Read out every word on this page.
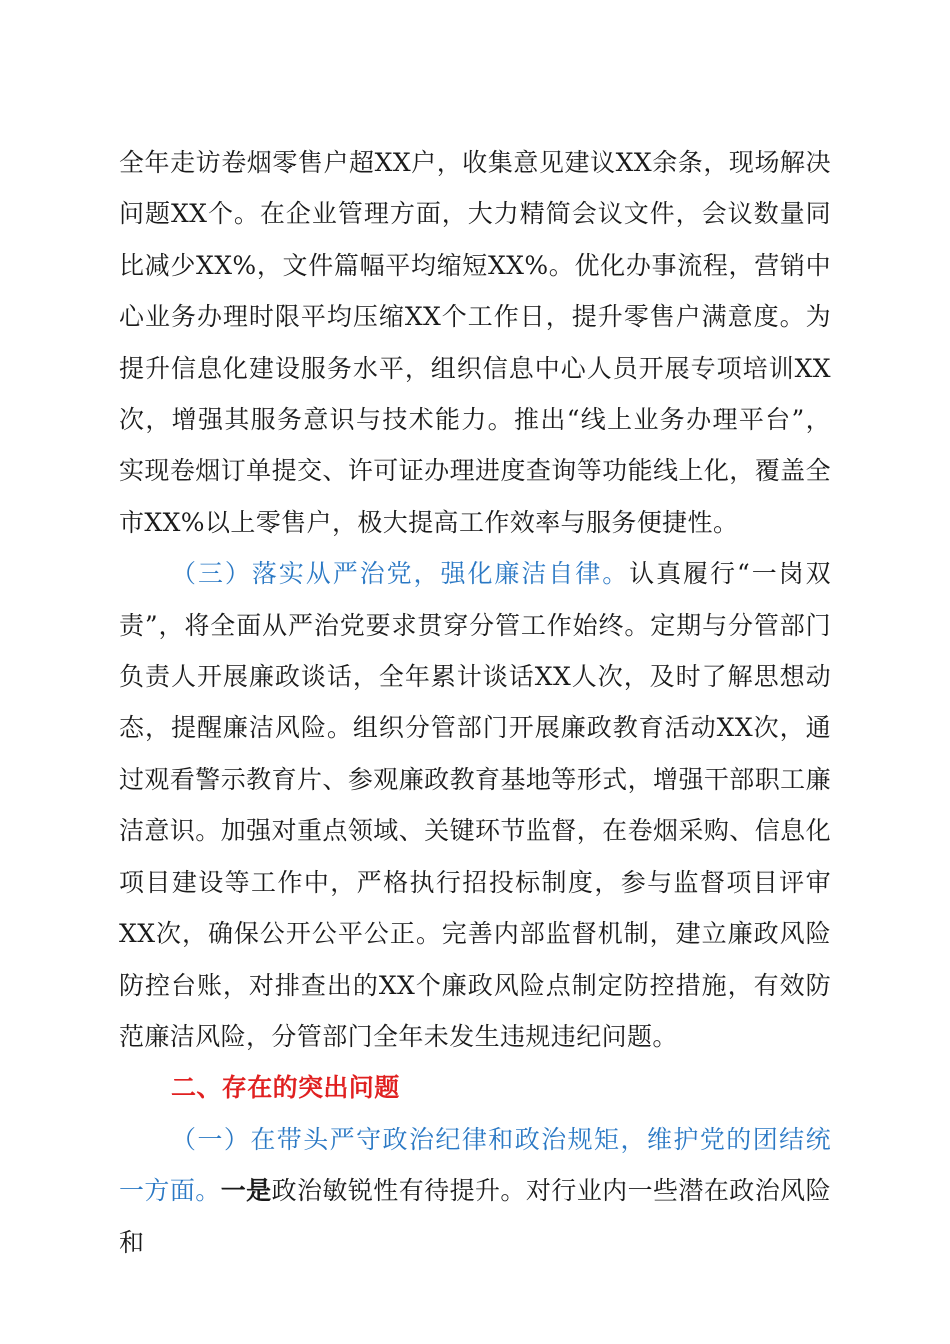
全年走访卷烟零售户超XX户，收集意见建议XX余条，现场解决问题XX个。在企业管理方面，大力精简会议文件，会议数量同比减少XX%，文件篇幅平均缩短XX%。优化办事流程，营销中心业务办理时限平均压缩XX个工作日，提升零售户满意度。为提升信息化建设服务水平，组织信息中心人员开展专项培训XX次，增强其服务意识与技术能力。推出“线上业务办理平台”，实现卷烟订单提交、许可证办理进度查询等功能线上化，覆盖全市XX%以上零售户，极大提高工作效率与服务便捷性。

（三）落实从严治党，强化廉洁自律。认真履行“一岗双责”，将全面从严治党要求贯穿分管工作始终。定期与分管部门负责人开展廉政谈话，全年累计谈话XX人次，及时了解思想动态，提醒廉洁风险。组织分管部门开展廉政教育活动XX次，通过观看警示教育片、参观廉政教育基地等形式，增强干部职工廉洁意识。加强对重点领域、关键环节监督，在卷烟采购、信息化项目建设等工作中，严格执行招投标制度，参与监督项目评审XX次，确保公开公平公正。完善内部监督机制，建立廉政风险防控台账，对排查出的XX个廉政风险点制定防控措施，有效防范廉洁风险，分管部门全年未发生违规违纪问题。

二、存在的突出问题

（一）在带头严守政治纪律和政治规矩，维护党的团结统一方面。一是政治敏锐性有待提升。对行业内一些潜在政治风险和
